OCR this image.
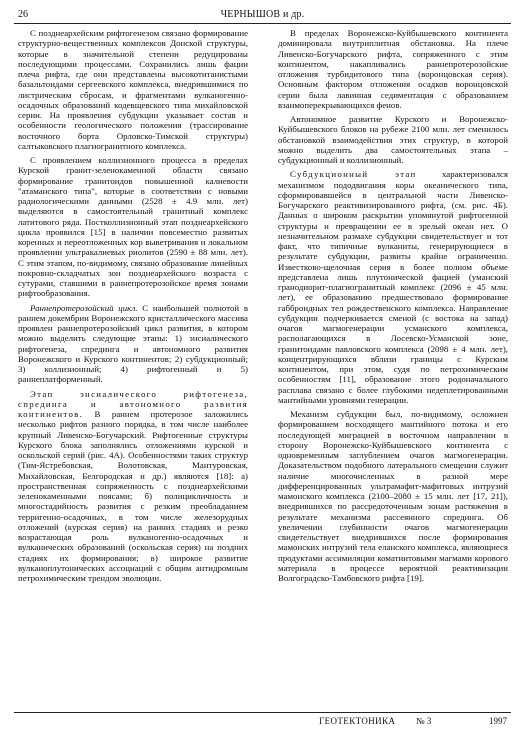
26	ЧЕРНЫШОВ и др.

С позднеархейским рифтогенезом связано формирование структурно-вещественных комплексов Донской структуры, которые в значительной степени редуцированы последующими процессами. Сохранились лишь фации плеча рифта, где они представлены высокотитанистыми базальтоидами сергеевского комплекса, внедрившимися по листрическим сбросам, и фрагментами вулканогенно-осадочных образований кодевщевского типа михайловской серии. На проявления субдукции указывает состав и особенности геологического положения (трассирование восточного борта Орловско-Тимской структуры) салтыковского плагиогранитного комплекса.

С проявлением коллизионного процесса в пределах Курской гранит-зеленокаменной области связано формирование гранитоидов повышенной калиевости "атаманского типа", которые в соответствии с новыми радиологическими данными (2528 ± 4.9 млн. лет) выделяются в самостоятельный гранитный комплекс латитового ряда. Постколлизионный этап позднеархейского цикла проявился [15] в наличии повсеместно развитых коренных и переотложенных кор выветривания и локальном проявлении ультракалиевых риолитов (2590 ± 88 млн. лет). С этим этапом, по-видимому, связано образование линейных покровно-складчатых зон позднеархейского возраста с сутурами, ставшими в раннепротерозойское время зонами рифтообразования.

Раннепротерозойский цикл. С наибольшей полнотой в раннем докембрии Воронежского кристаллического массива проявлен раннепротерозойский цикл развития, в котором можно выделить следующие этапы: 1) энсиалического рифтогенеза, спрединга и автономного развития Воронежского и Курского континентов; 2) субдукционный; 3) коллизионный; 4) рифтогенный и 5) раннеплатформенный.

Этап энсиалического рифтогенеза, спрединга и автономного развития континентов. В раннем протерозое заложились несколько рифтов разного порядка, в том числе наиболее крупный Ливенско-Богучарский. Рифтогенные структуры Курского блока заполнялись отложениями курской и оскольской серий (рис. 4А). Особенностями таких структур (Тим-Ястребовская, Волотовская, Мантуровская, Михайловская, Белгородская и др.) являются [18]: а) пространственная сопряженность с позднеархейскими зеленокаменными поясами; б) полицикличность и многостадийность развития с резким преобладанием терригенно-осадочных, в том числе железорудных отложений (курская серия) на ранних стадиях и резко возрастающая роль вулканогенно-осадочных и вулканических образований (оскольская серия) на поздних стадиях их формирования; в) широкое развитие вулканоплутонических ассоциаций с общим антидромным петрохимическим трендом эволюции.

В пределах Воронежско-Куйбышевского континента доминировала внутриплитная обстановка. На плече Ливенско-Богучарского рифта, сопряженного с этим континентом, накапливались раннепротерозойские отложения турбидитового типа (воронцовская серия). Основным фактором отложения осадков воронцовской серии была лавинная седиментация с образованием взаимоперекрывающихся фенов.

Автономное развитие Курского и Воронежско-Куйбышевского блоков на рубеже 2100 млн. лет сменилось обстановкой взаимодействия этих структур, в которой можно выделить два самостоятельных этапа – субдукционный и коллизионный.

Субдукционный этап характеризовался механизмом пододвигания коры океанического типа, сформировавшейся в центральной части Ливенско-Богучарского реактивизированного рифта, (см. рис. 4Б). Данных о широком раскрытии упомянутой рифтогенной структуры и превращении ее в зрелый океан нет. О незначительном размахе субдукции свидетельствует и тот факт, что типичные вулканиты, генерирующиеся в результате субдукции, развиты крайне ограниченно. Известково-щелочная серия в более полном объеме представлена лишь плутонической фацией (уманский гранодиорит-плагиогранитный комплекс (2096 ± 45 млн. лет), ее образованию предшествовало формирование габброидных тел рождественского комплекса. Направление субдукции подчеркивается сменой (с востока на запад) очагов магмогенерации усманского комплекса, располагающихся в Лосевско-Усманской зоне, гранитоидами павловского комплекса (2098 ± 4 млн. лет), концентрирующихся вблизи границы с Курским континентом, при этом, судя по петрохимическим особенностям [11], образование этого родоначального расплава связано с более глубокими недеплетированными мантийными уровнями генерации.

Механизм субдукции был, по-видимому, осложнен формированием восходящего мантийного потока и его последующей миграцией в восточном направлении в сторону Воронежско-Куйбышевского континента с одновременным заглублением очагов магмогенерации. Доказательством подобного латерального смещения служит наличие многочисленных в разной мере дифференцированных ультрамафит-мафитовых интрузий мамонского комплекса (2100–2080 ± 15 млн. лет [17, 21]), внедрившихся по рассредоточенным зонам растяжения в результате механизма рассеянного спрединга. Об увеличении глубинности очагов магмогенерации свидетельствует внедрившихся после формирования мамонских интрузий тела еланского комплекса, являющиеся продуктами ассимиляции коматиитовыми магмами корового материала в процессе вероятной реактивизации Волгоградско-Тамбовского рифта [19].

ГЕОТЕКТОНИКА № 3	1997
